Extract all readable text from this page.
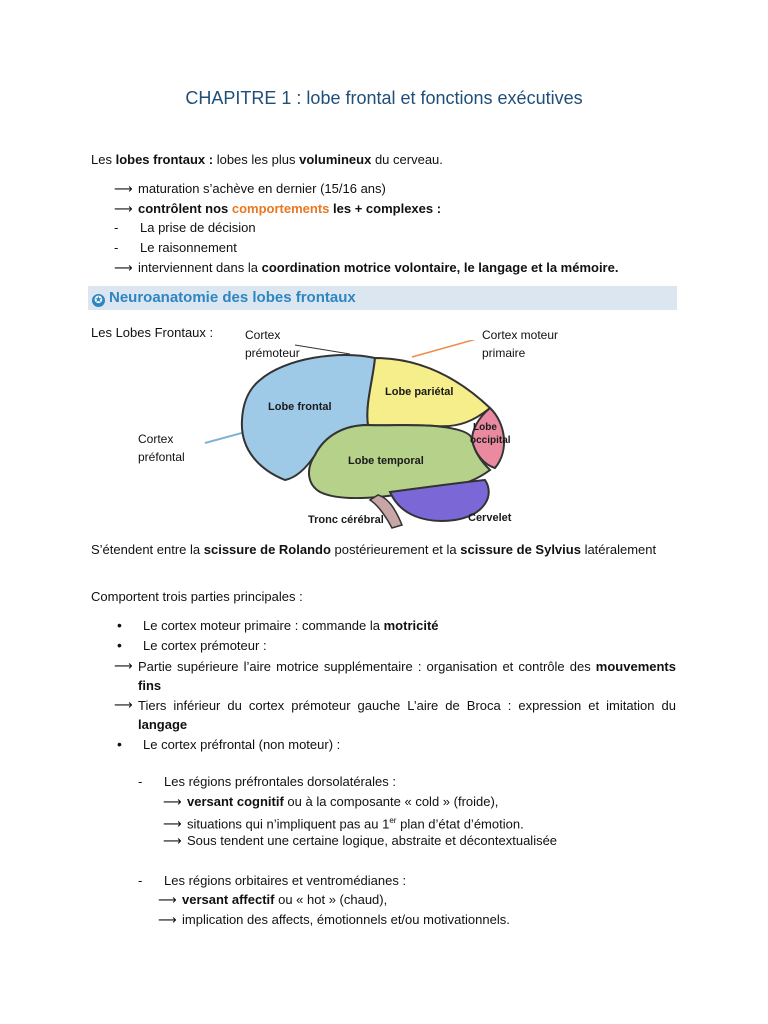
CHAPITRE 1 : lobe frontal et fonctions exécutives
Les lobes frontaux : lobes les plus volumineux du cerveau.
⟶ maturation s’achève en dernier (15/16 ans)
⟶ contrôlent nos comportements les + complexes :
- La prise de décision
- Le raisonnement
⟶ interviennent dans la coordination motrice volontaire, le langage et la mémoire.
✪ Neuroanatomie des lobes frontaux
Les Lobes Frontaux :	Cortex
prémoteur
Cortex moteur
primaire
Cortex
préfontal
Lobe frontal
Lobe pariétal
Lobe
occipital
Lobe temporal
Tronc cérébral	Cervelet
S’étendent entre la scissure de Rolando postérieurement et la scissure de Sylvius latéralement
Comportent trois parties principales :
• Le cortex moteur primaire : commande la motricité
• Le cortex prémoteur :
⟶ Partie supérieure l’aire motrice supplémentaire : organisation et contrôle des mouvements fins
⟶ Tiers inférieur du cortex prémoteur gauche L’aire de Broca : expression et imitation du langage
• Le cortex préfrontal (non moteur) :
- Les régions préfrontales dorsolatérales :
⟶ versant cognitif ou à la composante « cold » (froide),
⟶ situations qui n’impliquent pas au 1er plan d’état d’émotion.
⟶ Sous tendent une certaine logique, abstraite et décontextualisée
- Les régions orbitaires et ventromédianes :
⟶ versant affectif ou « hot » (chaud),
⟶ implication des affects, émotionnels et/ou motivationnels.
